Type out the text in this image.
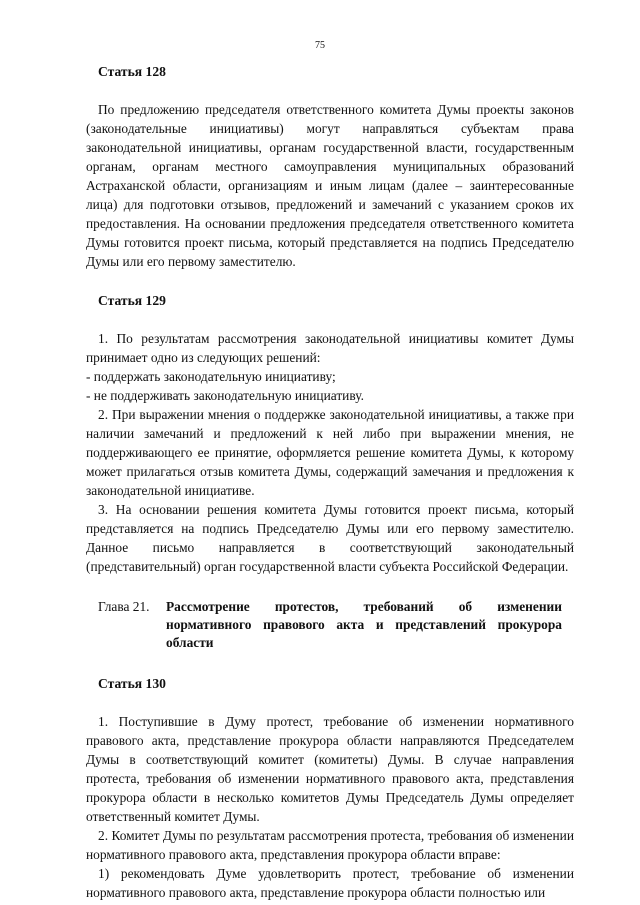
75
Статья 128

По предложению председателя ответственного комитета Думы проекты законов (законодательные инициативы) могут направляться субъектам права законодательной инициативы, органам государственной власти, государственным органам, органам местного самоуправления муниципальных образований Астраханской области, организациям и иным лицам (далее – заинтересованные лица) для подготовки отзывов, предложений и замечаний с указанием сроков их предоставления. На основании предложения председателя ответственного комитета Думы готовится проект письма, который представляется на подпись Председателю Думы или его первому заместителю.

Статья 129

1. По результатам рассмотрения законодательной инициативы комитет Думы принимает одно из следующих решений:

- поддержать законодательную инициативу;

- не поддерживать законодательную инициативу.

2. При выражении мнения о поддержке законодательной инициативы, а также при наличии замечаний и предложений к ней либо при выражении мнения, не поддерживающего ее принятие, оформляется решение комитета Думы, к которому может прилагаться отзыв комитета Думы, содержащий замечания и предложения к законодательной инициативе.

3. На основании решения комитета Думы готовится проект письма, который представляется на подпись Председателю Думы или его первому заместителю. Данное письмо направляется в соответствующий законодательный (представительный) орган государственной власти субъекта Российской Федерации.

Глава 21.	Рассмотрение протестов, требований об изменении нормативного правового акта и представлений прокурора области
Статья 130

1. Поступившие в Думу протест, требование об изменении нормативного правового акта, представление прокурора области направляются Председателем Думы в соответствующий комитет (комитеты) Думы. В случае направления протеста, требования об изменении нормативного правового акта, представления прокурора области в несколько комитетов Думы Председатель Думы определяет ответственный комитет Думы.

2. Комитет Думы по результатам рассмотрения протеста, требования об изменении нормативного правового акта, представления прокурора области вправе:

1) рекомендовать Думе удовлетворить протест, требование об изменении нормативного правового акта, представление прокурора области полностью или
